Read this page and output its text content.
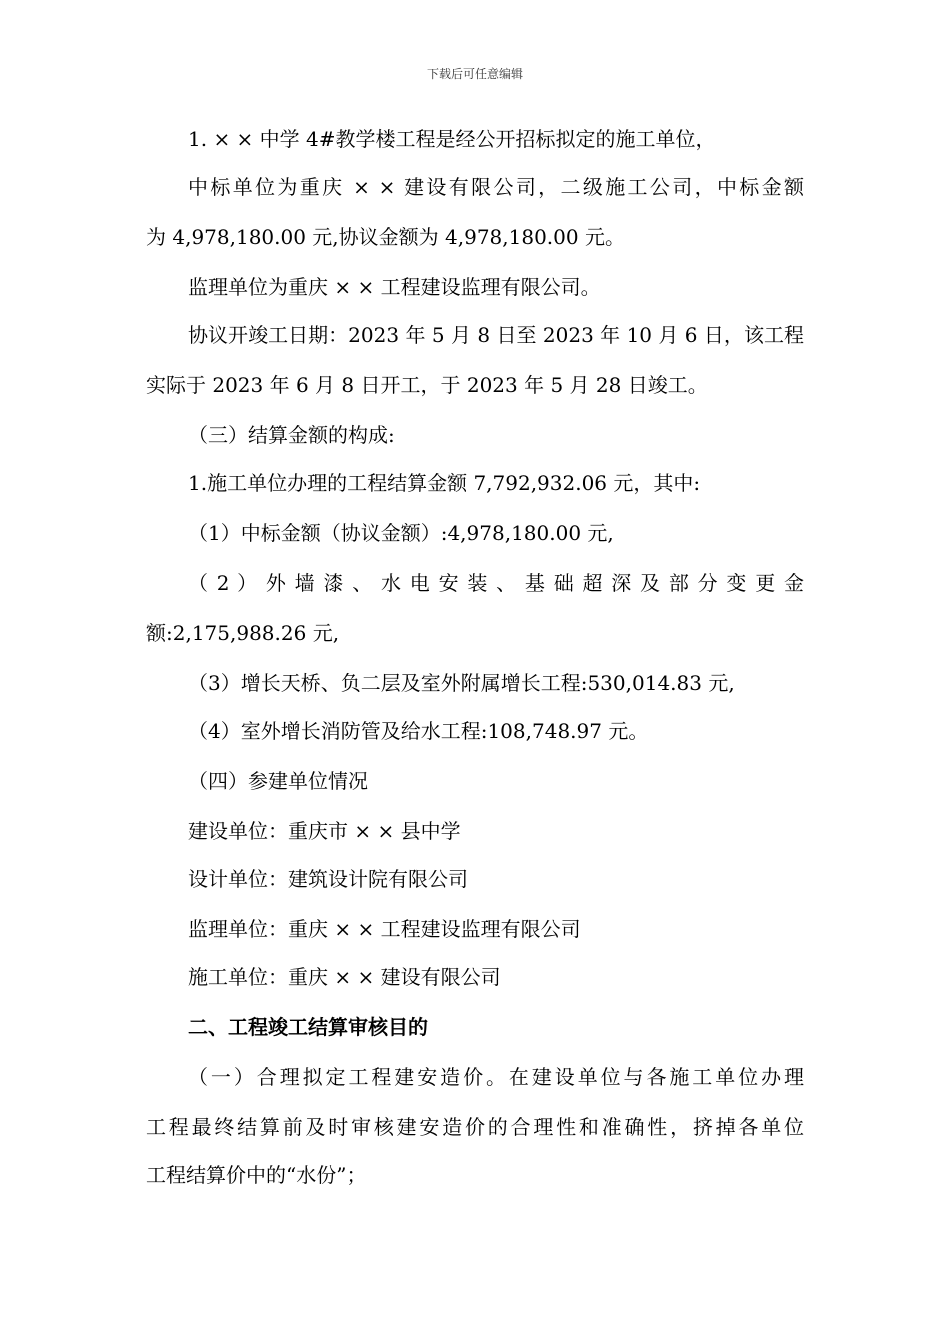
下载后可任意编辑
1. × × 中学 4#教学楼工程是经公开招标拟定的施工单位，
中标单位为重庆 × × 建设有限公司，二级施工公司，中标金额
为 4,978,180.00 元,协议金额为 4,978,180.00 元。
监理单位为重庆 × × 工程建设监理有限公司。
协议开竣工日期：2023 年 5 月 8 日至 2023 年 10 月 6 日，该工程
实际于 2023 年 6 月 8 日开工，于 2023 年 5 月 28 日竣工。
（三）结算金额的构成:
1.施工单位办理的工程结算金额 7,792,932.06 元，其中:
（1）中标金额（协议金额）:4,978,180.00 元,
（ 2 ） 外 墙 漆 、 水 电 安 装 、 基 础 超 深 及 部 分 变 更 金
额:2,175,988.26 元,
（3）增长天桥、负二层及室外附属增长工程:530,014.83 元,
（4）室外增长消防管及给水工程:108,748.97 元。
（四）参建单位情况
建设单位：重庆市 × × 县中学
设计单位：建筑设计院有限公司
监理单位：重庆 × × 工程建设监理有限公司
施工单位：重庆 × × 建设有限公司
二、工程竣工结算审核目的
（一）合理拟定工程建安造价。在建设单位与各施工单位办理
工程最终结算前及时审核建安造价的合理性和准确性，挤掉各单位
工程结算价中的“水份”；
